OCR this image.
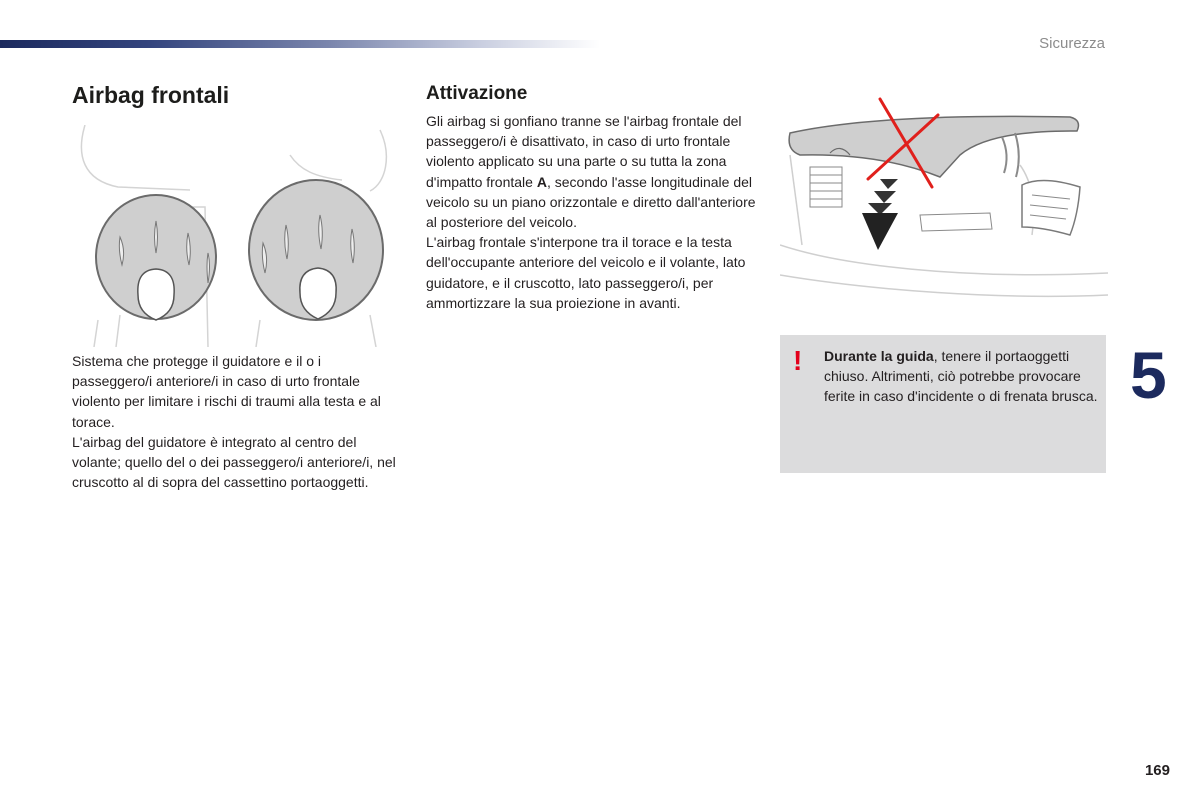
Sicurezza
Airbag frontali

Sistema che protegge il guidatore e il o i passeggero/i anteriore/i in caso di urto frontale violento per limitare i rischi di traumi alla testa e al torace.

L'airbag del guidatore è integrato al centro del volante; quello del o dei passeggero/i anteriore/i, nel cruscotto al di sopra del cassettino portaoggetti.

Attivazione

Gli airbag si gonfiano tranne se l'airbag frontale del passeggero/i è disattivato, in caso di urto frontale violento applicato su una parte o su tutta la zona d'impatto frontale A, secondo l'asse longitudinale del veicolo su un piano orizzontale e diretto dall'anteriore al posteriore del veicolo.

L'airbag frontale s'interpone tra il torace e la testa dell'occupante anteriore del veicolo e il volante, lato guidatore, e il cruscotto, lato passeggero/i, per ammortizzare la sua proiezione in avanti.

! Durante la guida, tenere il portaoggetti chiuso. Altrimenti, ciò potrebbe provocare ferite in caso d'incidente o di frenata brusca. 5
169
